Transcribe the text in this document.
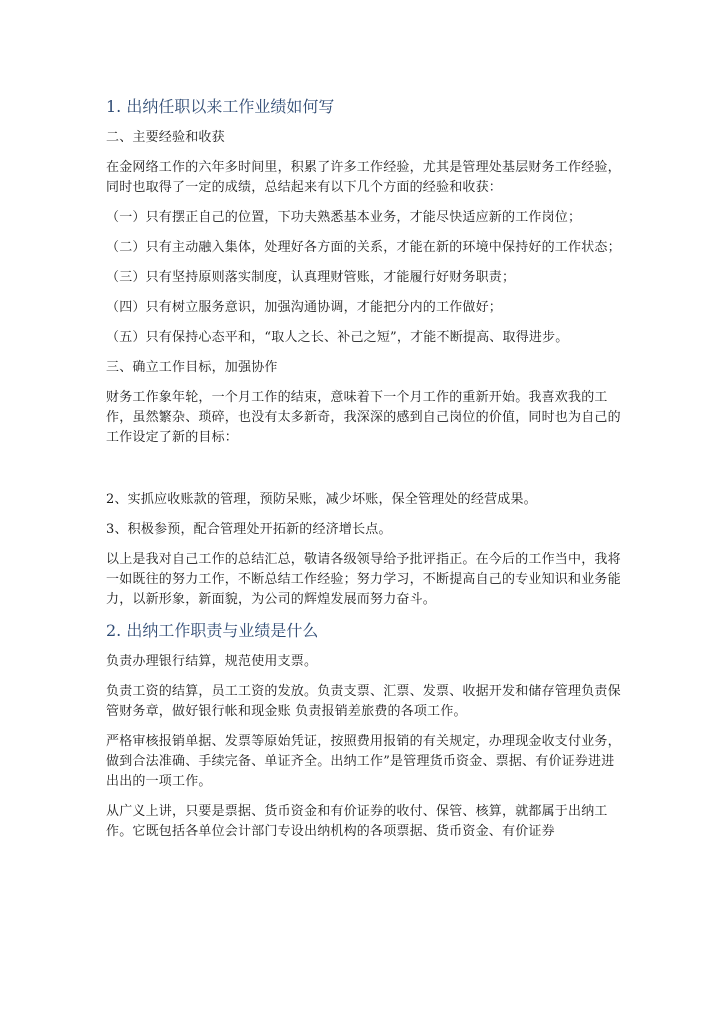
1. 出纳任职以来工作业绩如何写

二、主要经验和收获

在金网络工作的六年多时间里，积累了许多工作经验，尤其是管理处基层财务工作经验，同时也取得了一定的成绩，总结起来有以下几个方面的经验和收获：

（一）只有摆正自己的位置，下功夫熟悉基本业务，才能尽快适应新的工作岗位；

（二）只有主动融入集体，处理好各方面的关系，才能在新的环境中保持好的工作状态；

（三）只有坚持原则落实制度，认真理财管账，才能履行好财务职责；

（四）只有树立服务意识，加强沟通协调，才能把分内的工作做好；

（五）只有保持心态平和，“取人之长、补己之短”，才能不断提高、取得进步。

三、确立工作目标，加强协作

财务工作象年轮，一个月工作的结束，意味着下一个月工作的重新开始。我喜欢我的工作，虽然繁杂、琐碎，也没有太多新奇，我深深的感到自己岗位的价值，同时也为自己的工作设定了新的目标：

2、实抓应收账款的管理，预防呆账，减少坏账，保全管理处的经营成果。

3、积极参预，配合管理处开拓新的经济增长点。

以上是我对自己工作的总结汇总，敬请各级领导给予批评指正。在今后的工作当中，我将一如既往的努力工作，不断总结工作经验；努力学习，不断提高自己的专业知识和业务能力，以新形象，新面貌，为公司的辉煌发展而努力奋斗。

2. 出纳工作职责与业绩是什么

负责办理银行结算，规范使用支票。

负责工资的结算，员工工资的发放。负责支票、汇票、发票、收据开发和储存管理负责保管财务章，做好银行帐和现金账 负责报销差旅费的各项工作。

严格审核报销单据、发票等原始凭证，按照费用报销的有关规定，办理现金收支付业务，做到合法准确、手续完备、单证齐全。出纳工作”是管理货币资金、票据、有价证券进进出出的一项工作。

从广义上讲，只要是票据、货币资金和有价证券的收付、保管、核算，就都属于出纳工作。它既包括各单位会计部门专设出纳机构的各项票据、货币资金、有价证券
